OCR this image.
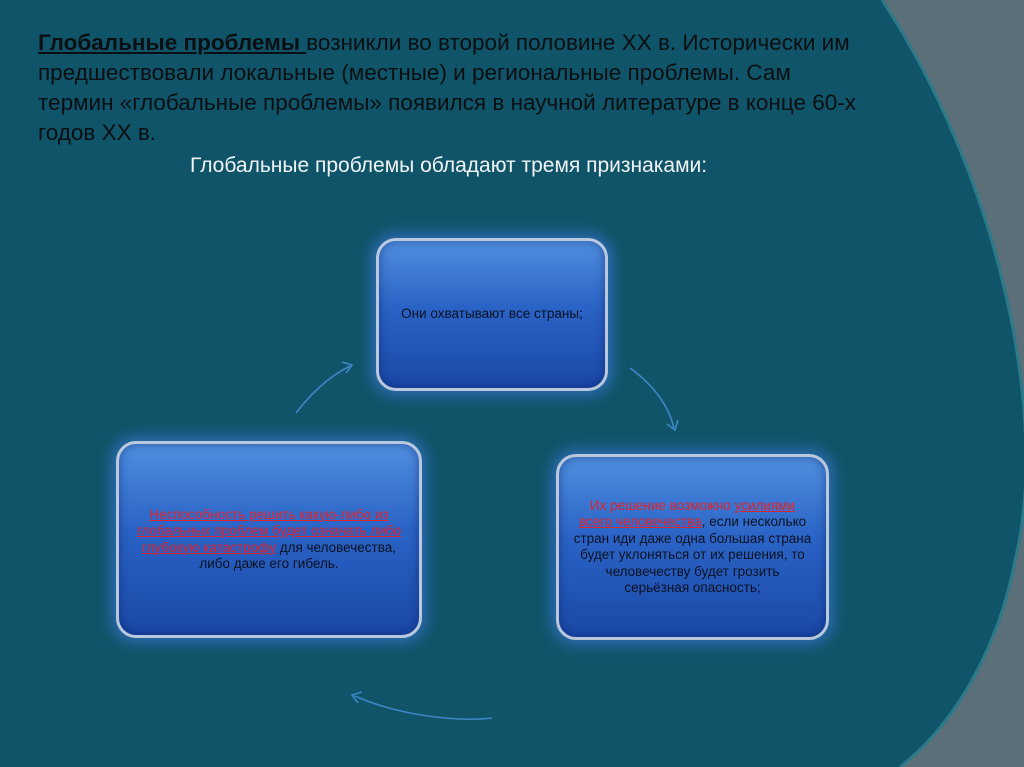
Глобальные проблемы возникли во второй половине XX в. Исторически им предшествовали локальные (местные) и региональные проблемы. Сам термин «глобальные проблемы» появился в научной литературе в конце 60-х годов XX в.
Глобальные проблемы обладают тремя признаками:
Они охватывают все страны;
Их решение возможно усилиями всего человечества, если несколько стран иди даже одна большая страна будет уклоняться от их решения, то человечеству будет грозить серьёзная опасность;
Неспособность решить какую-либо из глобальных проблем будет означать либо глубокую катастрофу для человечества, либо даже его гибель.
